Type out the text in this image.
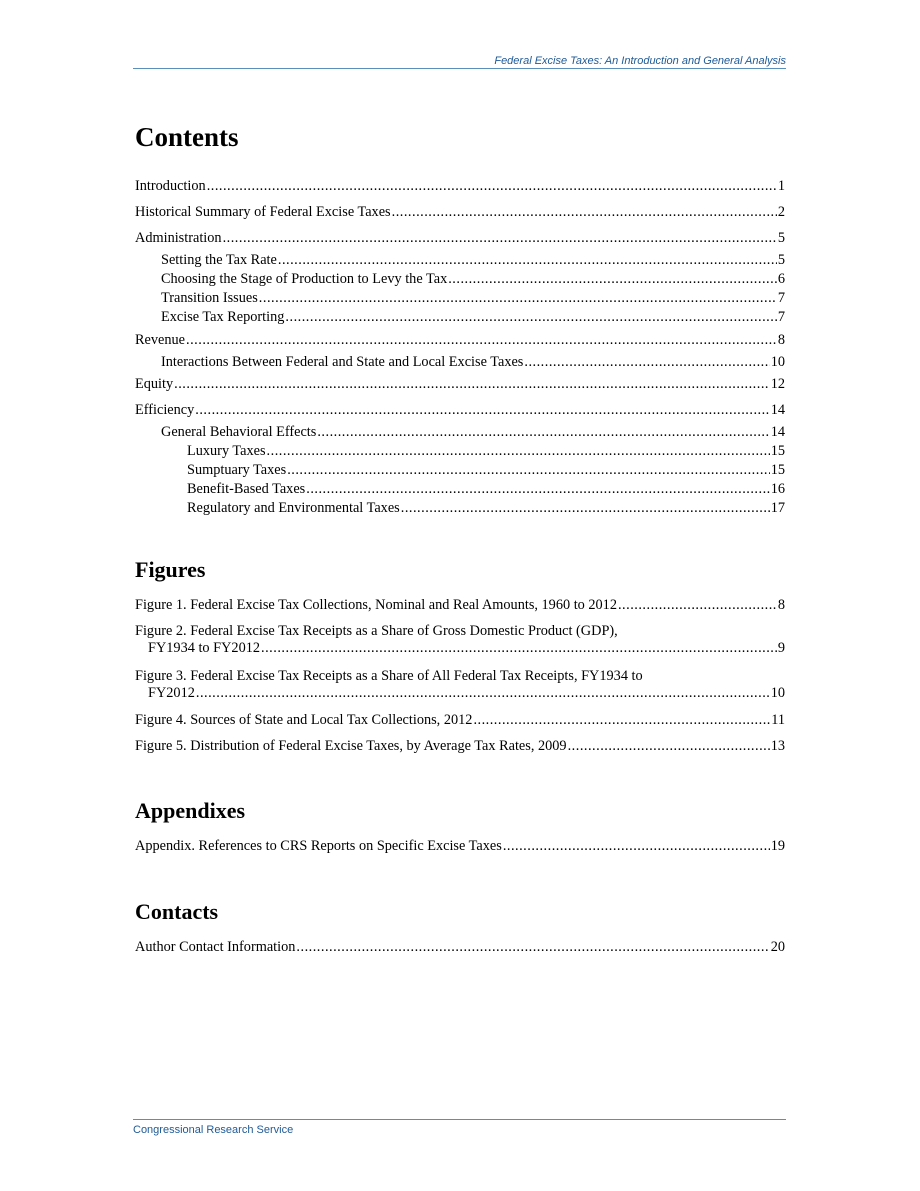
Federal Excise Taxes: An Introduction and General Analysis
Contents
Introduction .....	1
Historical Summary of Federal Excise Taxes .....	2
Administration .....	5
Setting the Tax Rate .....	5
Choosing the Stage of Production to Levy the Tax .....	6
Transition Issues .....	7
Excise Tax Reporting .....	7
Revenue .....	8
Interactions Between Federal and State and Local Excise Taxes .....	10
Equity .....	12
Efficiency .....	14
General Behavioral Effects .....	14
Luxury Taxes .....	15
Sumptuary Taxes .....	15
Benefit-Based Taxes .....	16
Regulatory and Environmental Taxes .....	17
Figures
Figure 1. Federal Excise Tax Collections, Nominal and Real Amounts, 1960 to 2012 .....	8
Figure 2. Federal Excise Tax Receipts as a Share of Gross Domestic Product (GDP),
FY1934 to FY2012 .....	9
Figure 3. Federal Excise Tax Receipts as a Share of All Federal Tax Receipts, FY1934 to
FY2012 .....	10
Figure 4. Sources of State and Local Tax Collections, 2012 .....	11
Figure 5. Distribution of Federal Excise Taxes, by Average Tax Rates, 2009 .....	13
Appendixes
Appendix. References to CRS Reports on Specific Excise Taxes .....	19
Contacts
Author Contact Information .....	20
Congressional Research Service
